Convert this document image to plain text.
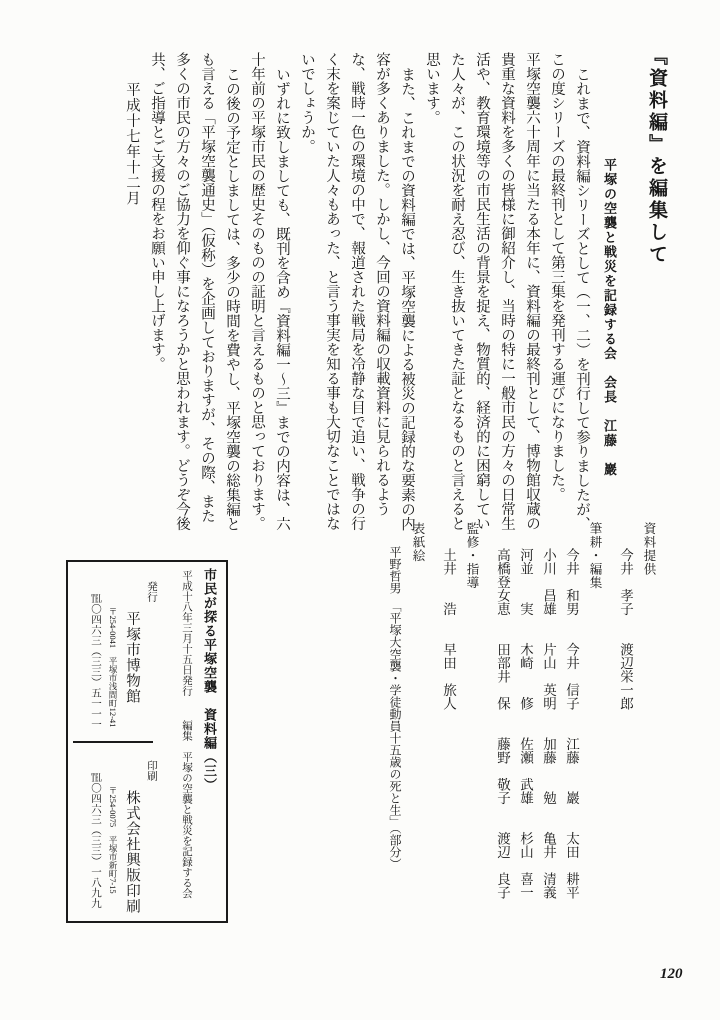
『資料編』を編集して
平塚の空襲と戦災を記録する会　会長　江藤　巖

これまで、資料編シリーズとして（一、二）を刊行して参りましたが、この度シリーズの最終刊として第三集を発刊する運びになりました。

平塚空襲六十周年に当たる本年に、資料編の最終刊として、博物館収蔵の貴重な資料を多くの皆様に御紹介し、当時の特に一般市民の方々の日常生活や、教育環境等の市民生活の背景を捉え、物質的、経済的に困窮していた人々が、この状況を耐え忍び、生き抜いてきた証となるものと言えると思います。

また、これまでの資料編では、平塚空襲による被災の記録的な要素の内容が多くありました。しかし、今回の資料編の収載資料に見られるような、戦時一色の環境の中で、報道された戦局を冷静な目で追い、戦争の行く末を案じていた人々もあった、と言う事実を知る事も大切なことではないでしょうか。

いずれに致しましても、既刊を含め『資料編一～三』までの内容は、六十年前の平塚市民の歴史そのものの証明と言えるものと思っております。

この後の予定としましては、多少の時間を費やし、平塚空襲の総集編とも言える「平塚空襲通史」（仮称）を企画しておりますが、その際、また多くの市民の方々のご協力を仰ぐ事になろうかと思われます。どうぞ今後共、ご指導とご支援の程をお願い申し上げます。

平成十七年十二月

資料提供

今井　孝子　　渡辺栄一郎

筆耕・編集

今井　和男　　今井　信子　　江藤　　巖　　太田　耕平

小川　昌雄　　片山　英明　　加藤　　勉　　亀井　清義

河並　　実　　木崎　　修　　佐瀬　武雄　　杉山　喜一

高橋登女恵　　田部井　保　　藤野　敬子　　渡辺　良子

監修・指導

土井　　浩　　早田　旅人

表紙絵

平野哲男　「平塚大空襲・学徒動員十五歳の死と生」（部分）

発行

平塚市博物館

〒254-0041　平塚市浅間町12-41

℡〇四六三（三三）五一一一

印刷

株式会社興版印刷

〒254-0075　平塚市新町7-15

℡〇四六三（三三）一八九九

市民が探る平塚空襲　資料編（三）

平成十八年三月十五日発行編集　平塚の空襲と戦災を記録する会

120
